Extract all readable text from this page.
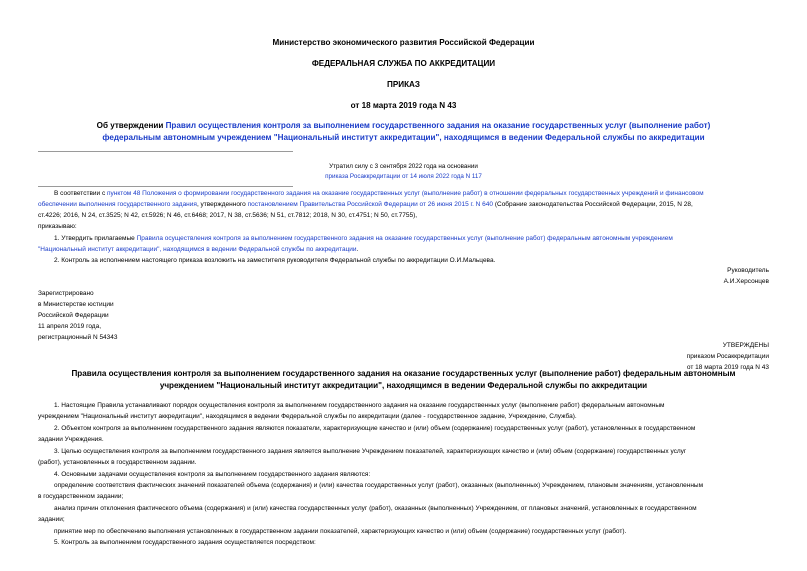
Министерство экономического развития Российской Федерации

ФЕДЕРАЛЬНАЯ СЛУЖБА ПО АККРЕДИТАЦИИ

ПРИКАЗ

от 18 марта 2019 года N 43

Об утверждении Правил осуществления контроля за выполнением государственного задания на оказание государственных услуг (выполнение работ)

федеральным автономным учреждением "Национальный институт аккредитации", находящимся в ведении Федеральной службы по аккредитации

Утратил силу с 3 сентября 2022 года на основании

приказа Росаккредитации от 14 июля 2022 года N 117

В соответствии с пунктом 48 Положения о формировании государственного задания на оказание государственных услуг (выполнение работ) в отношении федеральных государственных учреждений и финансовом

обеспечении выполнения государственного задания, утвержденного постановлением Правительства Российской Федерации от 26 июня 2015 г. N 640 (Собрание законодательства Российской Федерации, 2015, N 28,

ст.4226; 2016, N 24, ст.3525; N 42, ст.5926; N 46, ст.6468; 2017, N 38, ст.5636; N 51, ст.7812; 2018, N 30, ст.4751; N 50, ст.7755),

приказываю:

1. Утвердить прилагаемые Правила осуществления контроля за выполнением государственного задания на оказание государственных услуг (выполнение работ) федеральным автономным учреждением

"Национальный институт аккредитации", находящимся в ведении Федеральной службы по аккредитации.

2. Контроль за исполнением настоящего приказа возложить на заместителя руководителя Федеральной службы по аккредитации О.И.Мальцева.

Руководитель

А.И.Херсонцев

Зарегистрировано

в Министерстве юстиции

Российской Федерации

11 апреля 2019 года,

регистрационный N 54343

УТВЕРЖДЕНЫ

приказом Росаккредитации

от 18 марта 2019 года N 43

Правила осуществления контроля за выполнением государственного задания на оказание государственных услуг (выполнение работ) федеральным автономным

учреждением "Национальный институт аккредитации", находящимся в ведении Федеральной службы по аккредитации

1. Настоящие Правила устанавливают порядок осуществления контроля за выполнением государственного задания на оказание государственных услуг (выполнение работ) федеральным автономным

учреждением "Национальный институт аккредитации", находящимся в ведении Федеральной службы по аккредитации (далее - государственное задание, Учреждение, Служба).

2. Объектом контроля за выполнением государственного задания являются показатели, характеризующие качество и (или) объем (содержание) государственных услуг (работ), установленных в государственном

задании Учреждения.

3. Целью осуществления контроля за выполнением государственного задания является выполнение Учреждением показателей, характеризующих качество и (или) объем (содержание) государственных услуг

(работ), установленных в государственном задании.

4. Основными задачами осуществления контроля за выполнением государственного задания являются:

определение соответствия фактических значений показателей объема (содержания) и (или) качества государственных услуг (работ), оказанных (выполненных) Учреждением, плановым значениям, установленным

в государственном задании;

анализ причин отклонения фактического объема (содержания) и (или) качества государственных услуг (работ), оказанных (выполненных) Учреждением, от плановых значений, установленных в государственном

задании;

принятие мер по обеспечению выполнения установленных в государственном задании показателей, характеризующих качество и (или) объем (содержание) государственных услуг (работ).

5. Контроль за выполнением государственного задания осуществляется посредством:
